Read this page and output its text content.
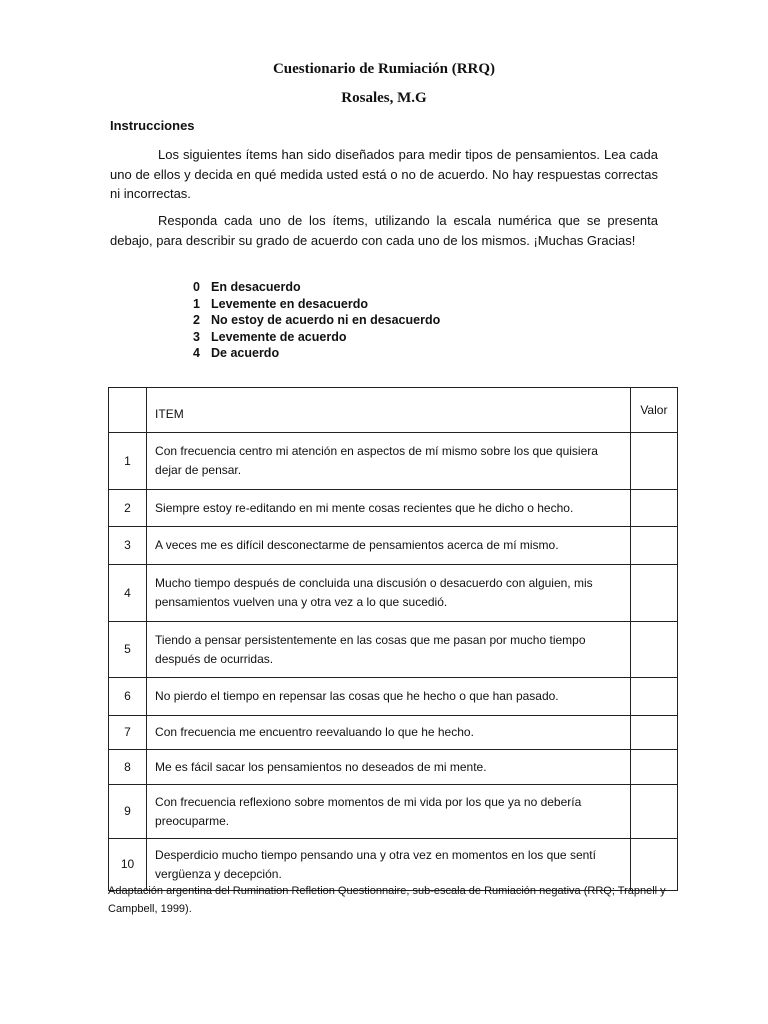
Cuestionario de Rumiación (RRQ)
Rosales, M.G
Instrucciones

Los siguientes ítems han sido diseñados para medir tipos de pensamientos. Lea cada uno de ellos y decida en qué medida usted está o no de acuerdo. No hay respuestas correctas ni incorrectas.

Responda cada uno de los ítems, utilizando la escala numérica que se presenta debajo, para describir su grado de acuerdo con cada uno de los mismos. ¡Muchas Gracias!

0 En desacuerdo
1 Levemente en desacuerdo
2 No estoy de acuerdo ni en desacuerdo
3 Levemente de acuerdo
4 De acuerdo
	ITEM	Valor
1	Con frecuencia centro mi atención en aspectos de mí mismo sobre los que quisiera dejar de pensar.	
2	Siempre estoy re-editando en mi mente cosas recientes que he dicho o hecho.	
3	A veces me es difícil desconectarme de pensamientos acerca de mí mismo.	
4	Mucho tiempo después de concluida una discusión o desacuerdo con alguien, mis pensamientos vuelven una y otra vez a lo que sucedió.	
5	Tiendo a pensar persistentemente en las cosas que me pasan por mucho tiempo después de ocurridas.	
6	No pierdo el tiempo en repensar las cosas que he hecho o que han pasado.	
7	Con frecuencia me encuentro reevaluando lo que he hecho.	
8	Me es fácil sacar los pensamientos no deseados de mi mente.	
9	Con frecuencia reflexiono sobre momentos de mi vida por los que ya no debería preocuparme.	
10	Desperdicio mucho tiempo pensando una y otra vez en momentos en los que sentí vergüenza y decepción.	
Adaptación argentina del Rumination Refletion Questionnaire, sub-escala de Rumiación negativa (RRQ; Trapnell y Campbell, 1999).
